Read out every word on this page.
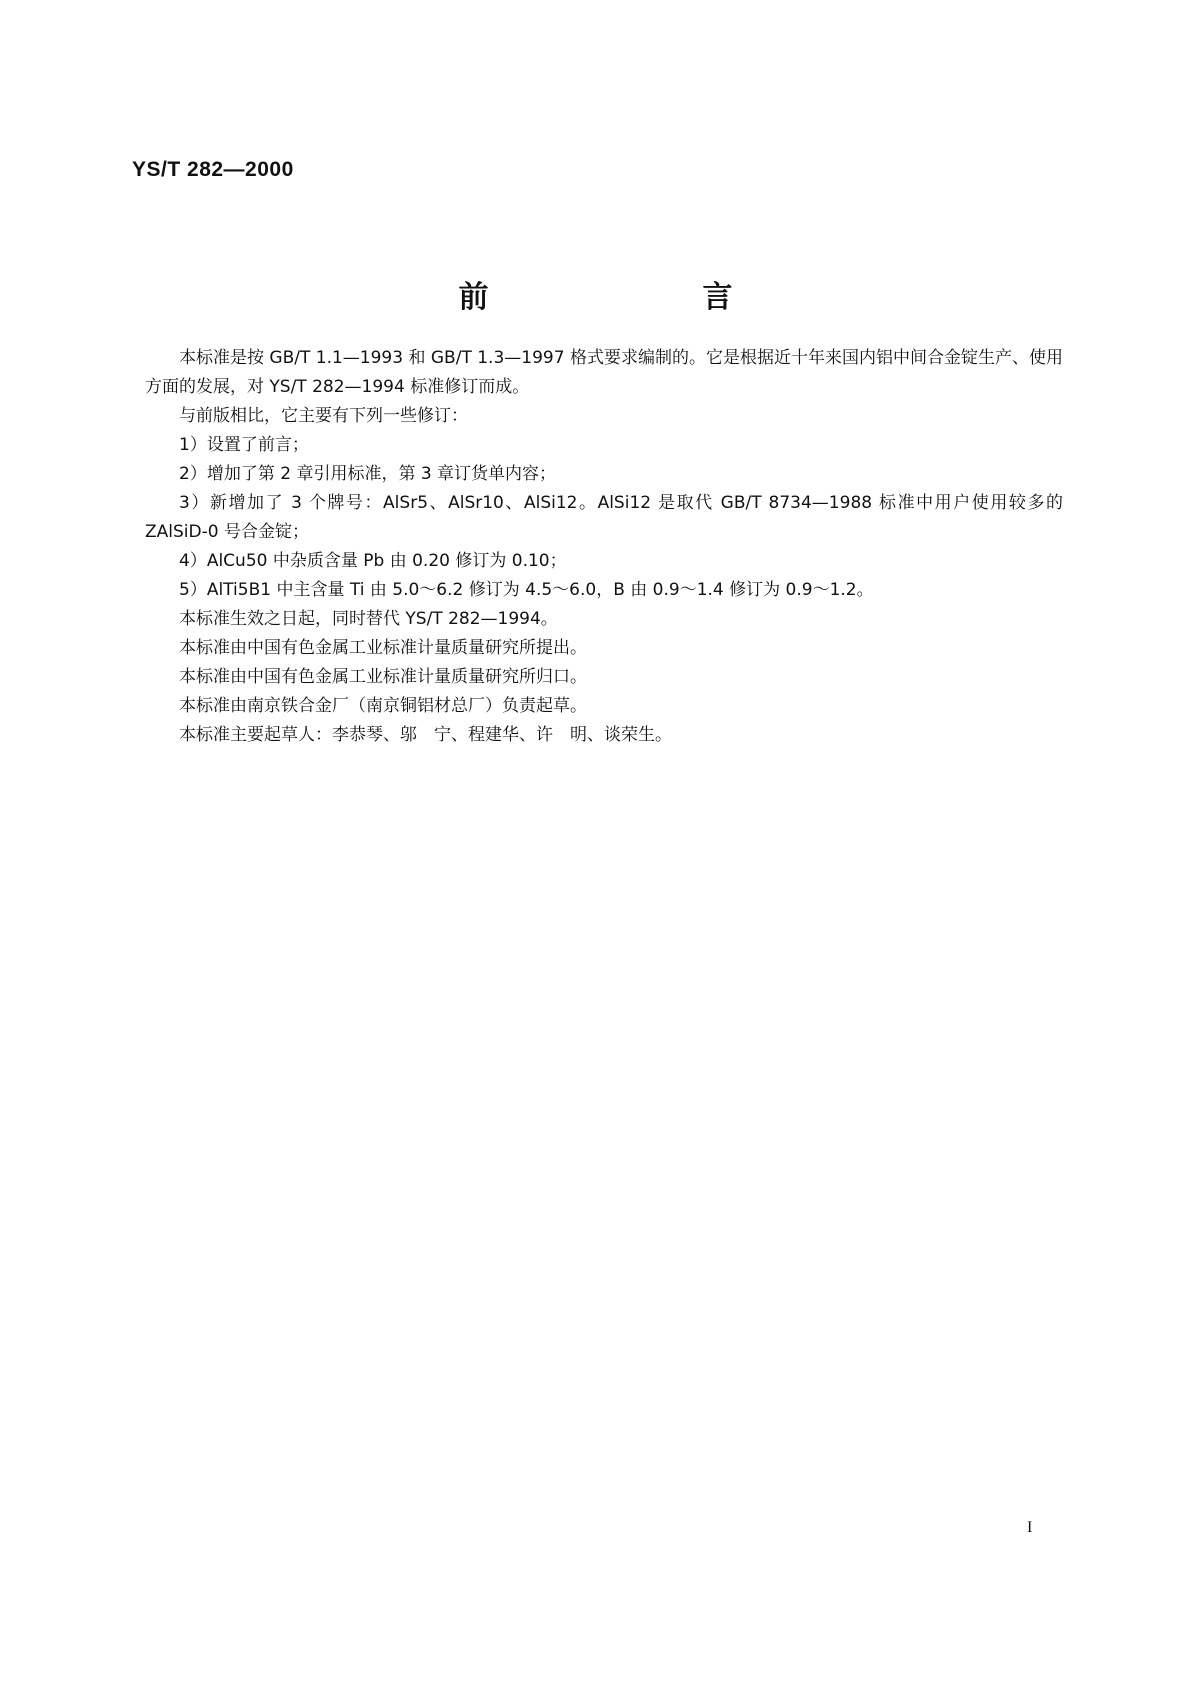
YS/T 282—2000
前　言

本标准是按 GB/T 1.1—1993 和 GB/T 1.3—1997 格式要求编制的。它是根据近十年来国内铝中间合金锭生产、使用方面的发展，对 YS/T 282—1994 标准修订而成。

与前版相比，它主要有下列一些修订：

1）设置了前言；

2）增加了第 2 章引用标准，第 3 章订货单内容；

3）新增加了 3 个牌号：AlSr5、AlSr10、AlSi12。AlSi12 是取代 GB/T 8734—1988 标准中用户使用较多的 ZAlSiD-0 号合金锭；

4）AlCu50 中杂质含量 Pb 由 0.20 修订为 0.10；

5）AlTi5B1 中主含量 Ti 由 5.0～6.2 修订为 4.5～6.0，B 由 0.9～1.4 修订为 0.9～1.2。

本标准生效之日起，同时替代 YS/T 282—1994。

本标准由中国有色金属工业标准计量质量研究所提出。

本标准由中国有色金属工业标准计量质量研究所归口。

本标准由南京铁合金厂（南京铜铝材总厂）负责起草。

本标准主要起草人：李恭琴、邬　宁、程建华、许　明、谈荣生。

I
